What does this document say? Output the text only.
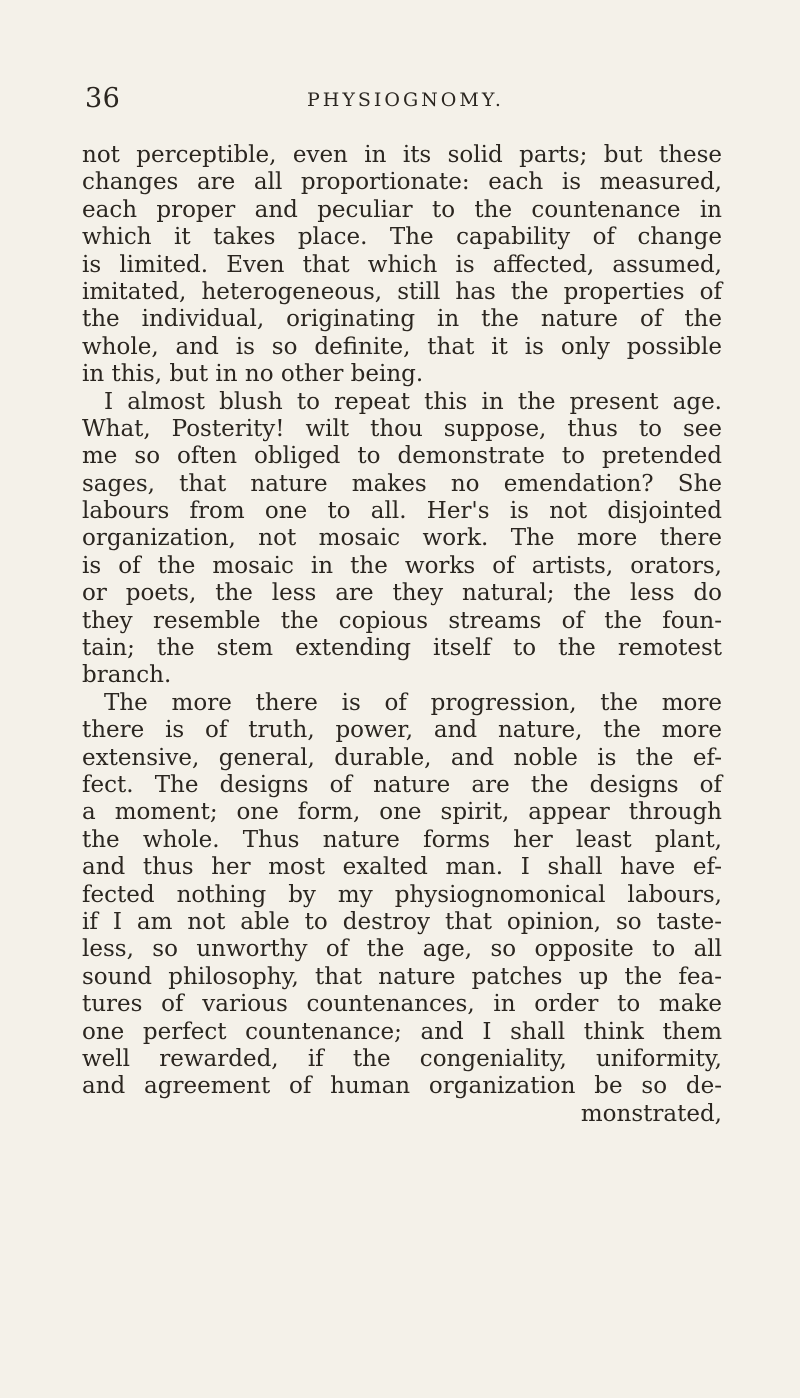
36	PHYSIOGNOMY.
not perceptible, even in its solid parts; but these
changes are all proportionate: each is measured,
each proper and peculiar to the countenance in
which it takes place. The capability of change
is limited. Even that which is affected, assumed,
imitated, heterogeneous, still has the properties of
the individual, originating in the nature of the
whole, and is so definite, that it is only possible
in this, but in no other being.
I almost blush to repeat this in the present age.
What, Posterity! wilt thou suppose, thus to see
me so often obliged to demonstrate to pretended
sages, that nature makes no emendation? She
labours from one to all. Her's is not disjointed
organization, not mosaic work. The more there
is of the mosaic in the works of artists, orators,
or poets, the less are they natural; the less do
they resemble the copious streams of the foun-
tain; the stem extending itself to the remotest
branch.
The more there is of progression, the more
there is of truth, power, and nature, the more
extensive, general, durable, and noble is the ef-
fect. The designs of nature are the designs of
a moment; one form, one spirit, appear through
the whole. Thus nature forms her least plant,
and thus her most exalted man. I shall have ef-
fected nothing by my physiognomonical labours,
if I am not able to destroy that opinion, so taste-
less, so unworthy of the age, so opposite to all
sound philosophy, that nature patches up the fea-
tures of various countenances, in order to make
one perfect countenance; and I shall think them
well rewarded, if the congeniality, uniformity,
and agreement of human organization be so de-
monstrated,
